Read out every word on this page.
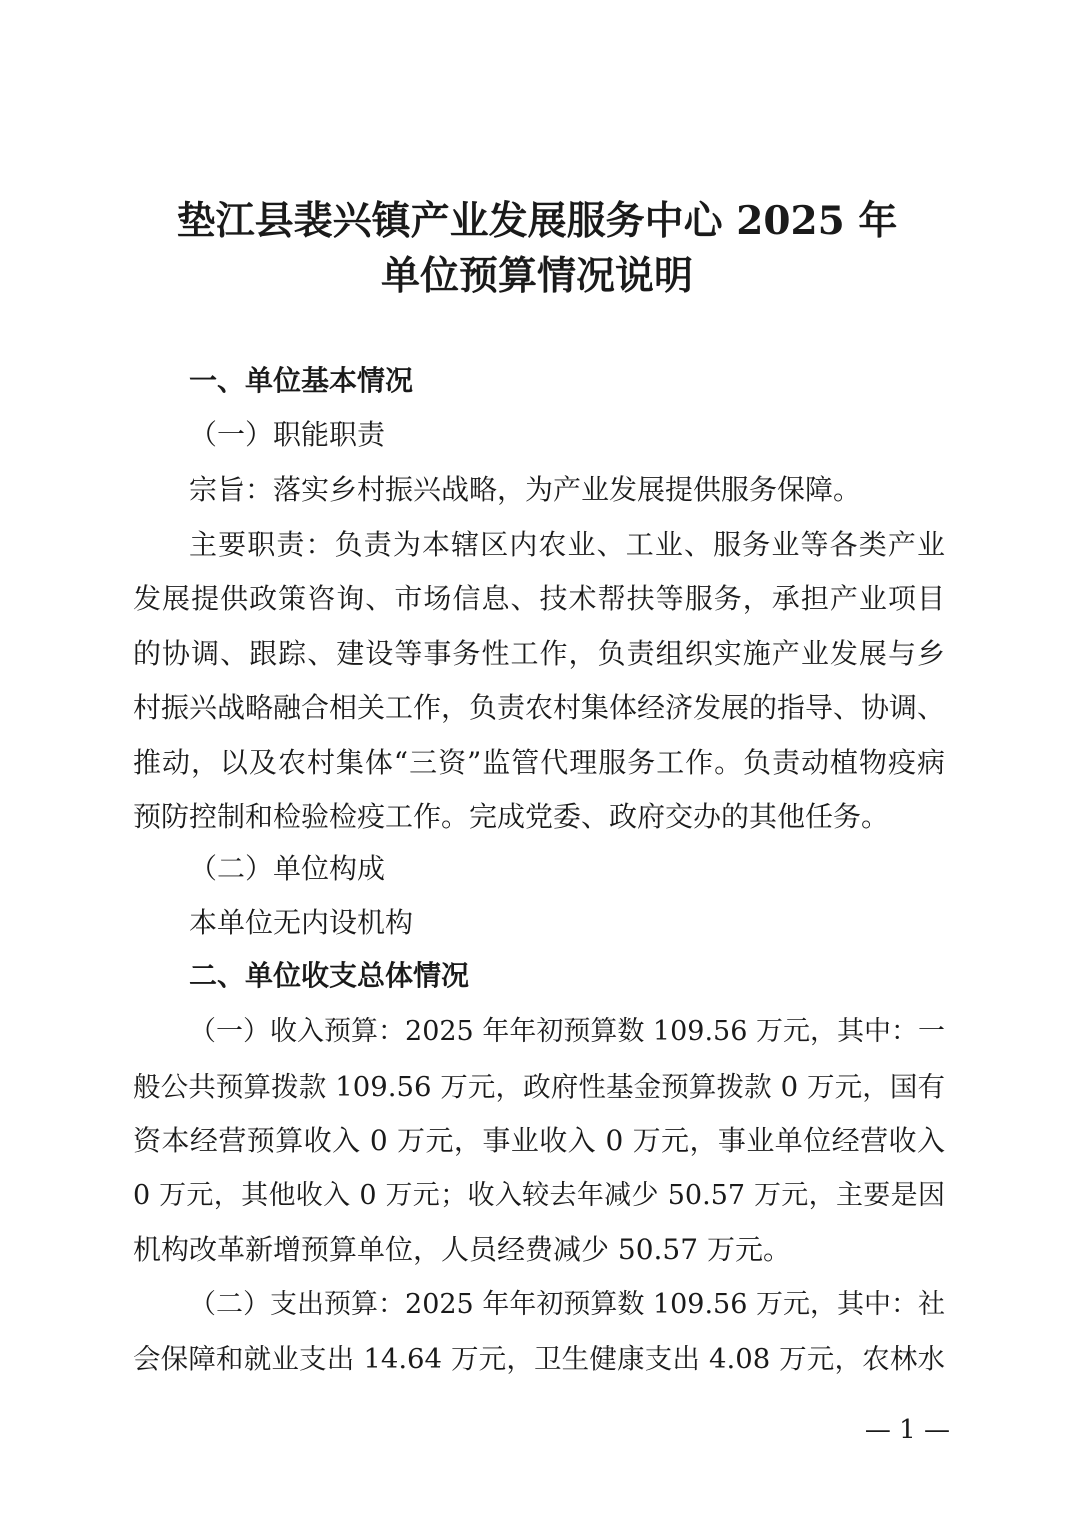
垫江县裴兴镇产业发展服务中心 2025 年
单位预算情况说明
一、单位基本情况
（一）职能职责
宗旨：落实乡村振兴战略，为产业发展提供服务保障。
主要职责：负责为本辖区内农业、工业、服务业等各类产业
发展提供政策咨询、市场信息、技术帮扶等服务，承担产业项目
的协调、跟踪、建设等事务性工作，负责组织实施产业发展与乡
村振兴战略融合相关工作，负责农村集体经济发展的指导、协调、
推动，以及农村集体“三资”监管代理服务工作。负责动植物疫病
预防控制和检验检疫工作。完成党委、政府交办的其他任务。
（二）单位构成
本单位无内设机构
二、单位收支总体情况
（一）收入预算：2025 年年初预算数 109.56 万元，其中：一
般公共预算拨款 109.56 万元，政府性基金预算拨款 0 万元，国有
资本经营预算收入 0 万元，事业收入 0 万元，事业单位经营收入
0 万元，其他收入 0 万元；收入较去年减少 50.57 万元，主要是因
机构改革新增预算单位，人员经费减少 50.57 万元。
（二）支出预算：2025 年年初预算数 109.56 万元，其中：社
会保障和就业支出 14.64 万元，卫生健康支出 4.08 万元，农林水
— 1 —
